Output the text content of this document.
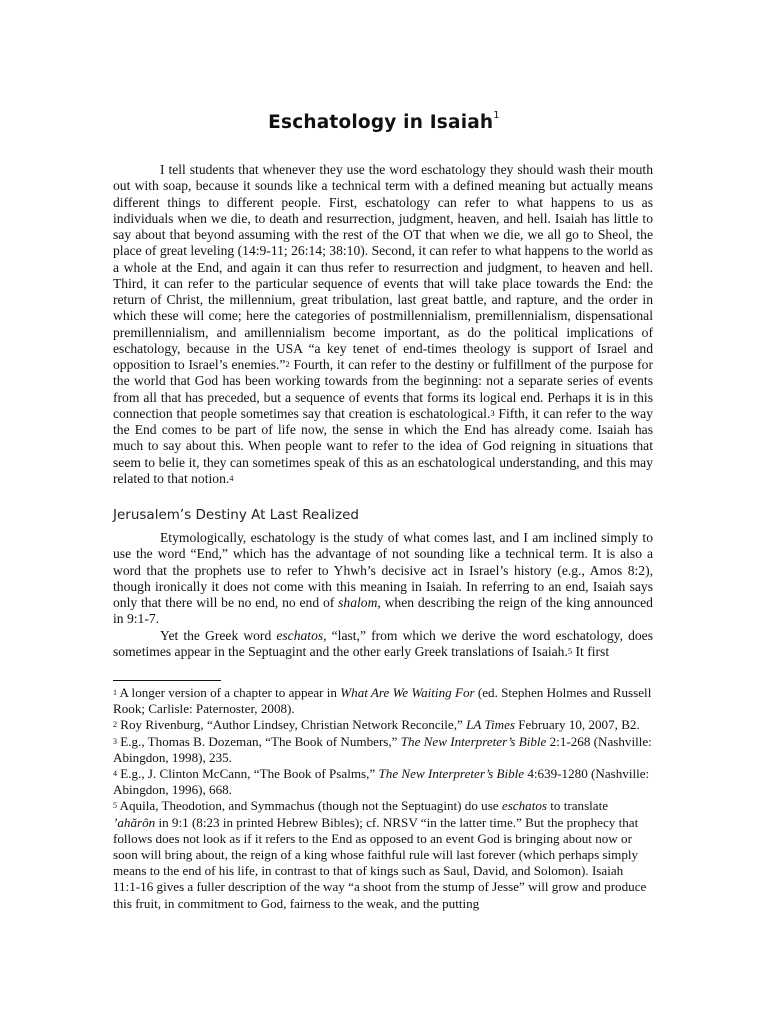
Eschatology in Isaiah$^1$

I tell students that whenever they use the word eschatology they should wash their mouth out with soap, because it sounds like a technical term with a defined meaning but actually means different things to different people. First, eschatology can refer to what happens to us as individuals when we die, to death and resurrection, judgment, heaven, and hell. Isaiah has little to say about that beyond assuming with the rest of the OT that when we die, we all go to Sheol, the place of great leveling (14:9-11; 26:14; 38:10). Second, it can refer to what happens to the world as a whole at the End, and again it can thus refer to resurrection and judgment, to heaven and hell. Third, it can refer to the particular sequence of events that will take place towards the End: the return of Christ, the millennium, great tribulation, last great battle, and rapture, and the order in which these will come; here the categories of postmillennialism, premillennialism, dispensational premillennialism, and amillennialism become important, as do the political implications of eschatology, because in the USA “a key tenet of end-times theology is support of Israel and opposition to Israel’s enemies.”$^2$ Fourth, it can refer to the destiny or fulfillment of the purpose for the world that God has been working towards from the beginning: not a separate series of events from all that has preceded, but a sequence of events that forms its logical end. Perhaps it is in this connection that people sometimes say that creation is eschatological.$^3$ Fifth, it can refer to the way the End comes to be part of life now, the sense in which the End has already come. Isaiah has much to say about this. When people want to refer to the idea of God reigning in situations that seem to belie it, they can sometimes speak of this as an eschatological understanding, and this may related to that notion.$^4$

Jerusalem’s Destiny At Last Realized

Etymologically, eschatology is the study of what comes last, and I am inclined simply to use the word “End,” which has the advantage of not sounding like a technical term. It is also a word that the prophets use to refer to Yhwh’s decisive act in Israel’s history (e.g., Amos 8:2), though ironically it does not come with this meaning in Isaiah. In referring to an end, Isaiah says only that there will be no end, no end of shalom, when describing the reign of the king announced in 9:1-7.

Yet the Greek word eschatos, “last,” from which we derive the word eschatology, does sometimes appear in the Septuagint and the other early Greek translations of Isaiah.$^5$ It first

$^1$ A longer version of a chapter to appear in What Are We Waiting For (ed. Stephen Holmes and Russell Rook; Carlisle: Paternoster, 2008).

$^2$ Roy Rivenburg, “Author Lindsey, Christian Network Reconcile,” LA Times February 10, 2007, B2.

$^3$ E.g., Thomas B. Dozeman, “The Book of Numbers,” The New Interpreter’s Bible 2:1-268 (Nashville: Abingdon, 1998), 235.

$^4$ E.g., J. Clinton McCann, “The Book of Psalms,” The New Interpreter’s Bible 4:639-1280 (Nashville: Abingdon, 1996), 668.

$^5$ Aquila, Theodotion, and Symmachus (though not the Septuagint) do use eschatos to translate ’ahărôn in 9:1 (8:23 in printed Hebrew Bibles); cf. NRSV “in the latter time.” But the prophecy that follows does not look as if it refers to the End as opposed to an event God is bringing about now or soon will bring about, the reign of a king whose faithful rule will last forever (which perhaps simply means to the end of his life, in contrast to that of kings such as Saul, David, and Solomon). Isaiah 11:1-16 gives a fuller description of the way “a shoot from the stump of Jesse” will grow and produce this fruit, in commitment to God, fairness to the weak, and the putting
